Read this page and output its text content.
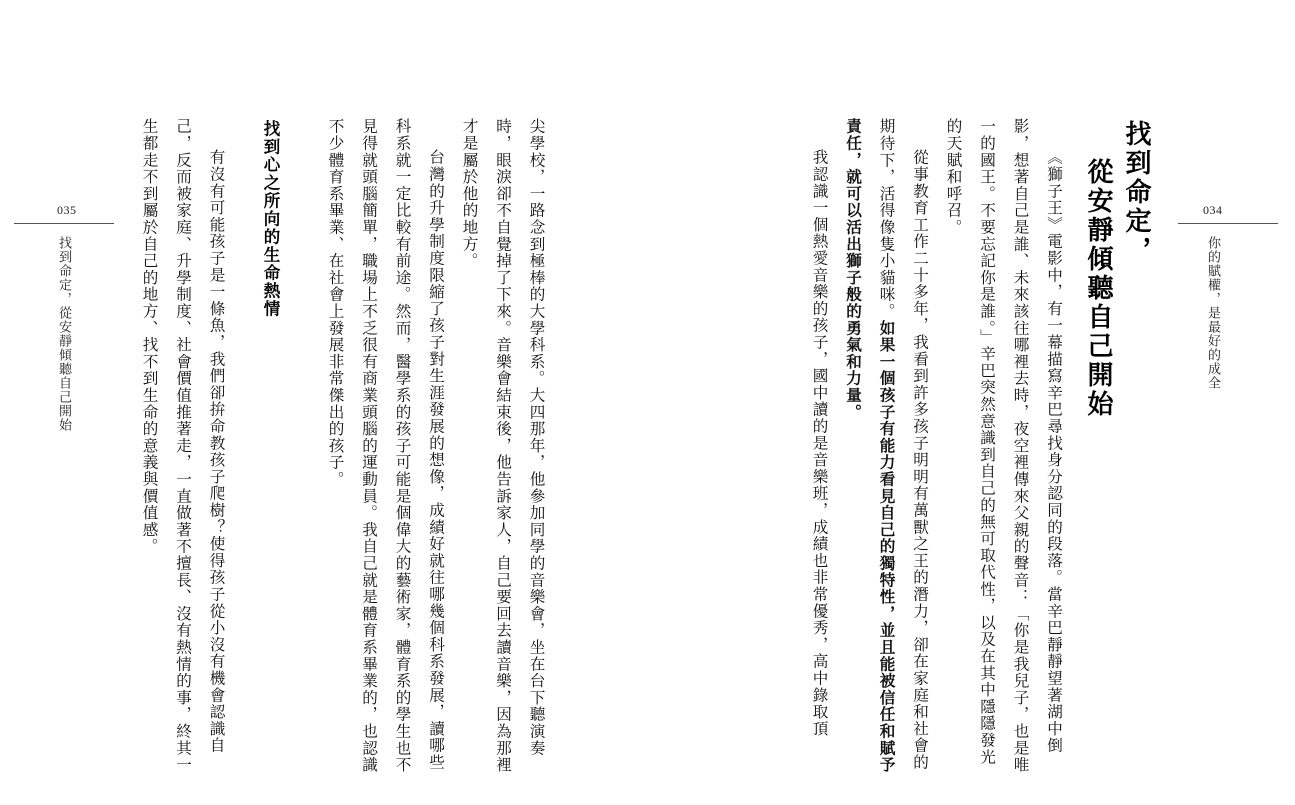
035
找到命定，從安靜傾聽自己開始	尖學校，一路念到極棒的大學科系。大四那年，他參加同學的音樂會，坐在台下聽演奏時，眼淚卻不自覺掉了下來。音樂會結束後，他告訴家人，自己要回去讀音樂，因為那裡才是屬於他的地方。

台灣的升學制度限縮了孩子對生涯發展的想像，成績好就往哪幾個科系發展，讀哪些科系就一定比較有前途。然而，醫學系的孩子可能是個偉大的藝術家，體育系的學生也不見得就頭腦簡單，職場上不乏很有商業頭腦的運動員。我自己就是體育系畢業的，也認識不少體育系畢業、在社會上發展非常傑出的孩子。

找到心之所向的生命熱情

有沒有可能孩子是一條魚，我們卻拚命教孩子爬樹？使得孩子從小沒有機會認識自己，反而被家庭、升學制度、社會價值推著走，一直做著不擅長、沒有熱情的事，終其一生都走不到屬於自己的地方、找不到生命的意義與價值感。	找到命定，
從安靜傾聽自己開始

《獅子王》電影中，有一幕描寫辛巴尋找身分認同的段落。當辛巴靜靜望著湖中倒影，想著自己是誰、未來該往哪裡去時，夜空裡傳來父親的聲音：「你是我兒子，也是唯一的國王。不要忘記你是誰。」辛巴突然意識到自己的無可取代性，以及在其中隱隱發光的天賦和呼召。

從事教育工作二十多年，我看到許多孩子明明有萬獸之王的潛力，卻在家庭和社會的期待下，活得像隻小貓咪。如果一個孩子有能力看見自己的獨特性，並且能被信任和賦予責任，就可以活出獅子般的勇氣和力量。

我認識一個熱愛音樂的孩子，國中讀的是音樂班，成績也非常優秀，高中錄取頂	034
你的賦權，是最好的成全
